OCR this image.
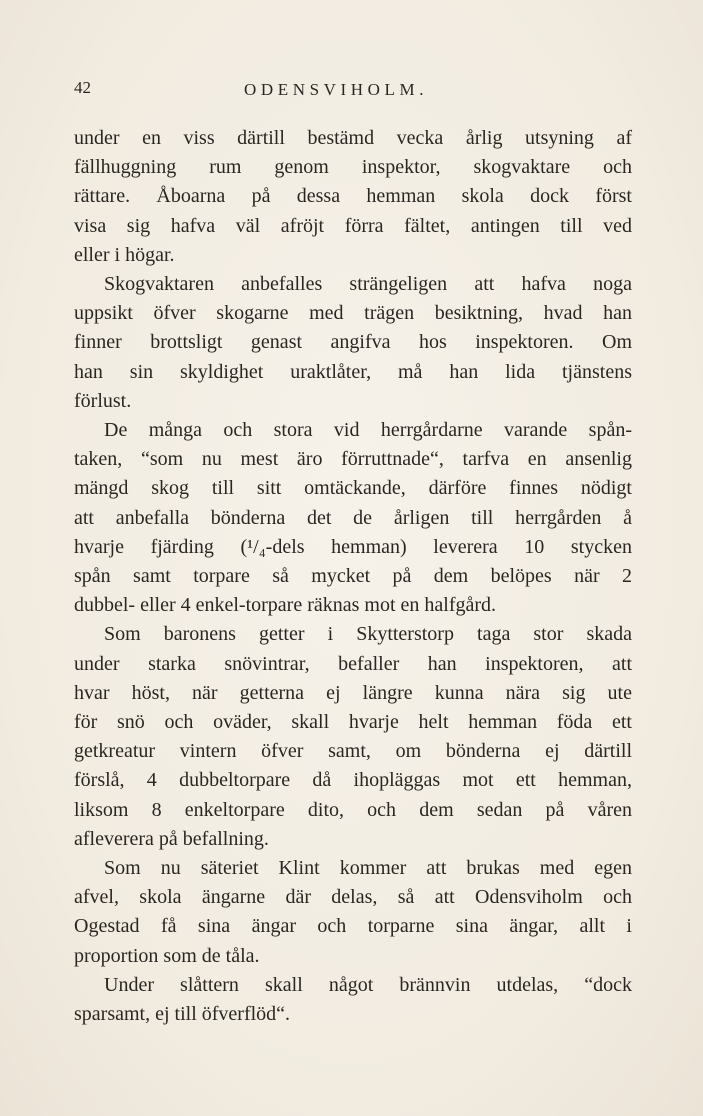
42	ODENSVIHOLM.

under en viss därtill bestämd vecka årlig utsyning af
fällhuggning rum genom inspektor, skogvaktare och
rättare. Åboarna på dessa hemman skola dock först
visa sig hafva väl afröjt förra fältet, antingen till ved
eller i högar.

Skogvaktaren anbefalles strängeligen att hafva noga
uppsikt öfver skogarne med trägen besiktning, hvad han
finner brottsligt genast angifva hos inspektoren. Om
han sin skyldighet uraktlåter, må han lida tjänstens
förlust.

De många och stora vid herrgårdarne varande spån-
taken, “som nu mest äro förruttnade“, tarfva en ansenlig
mängd skog till sitt omtäckande, därföre finnes nödigt
att anbefalla bönderna det de årligen till herrgården å
hvarje fjärding (¹/₄-dels hemman) leverera 10 stycken
spån samt torpare så mycket på dem belöpes när 2
dubbel- eller 4 enkel-torpare räknas mot en halfgård.

Som baronens getter i Skytterstorp taga stor skada
under starka snövintrar, befaller han inspektoren, att
hvar höst, när getterna ej längre kunna nära sig ute
för snö och oväder, skall hvarje helt hemman föda ett
getkreatur vintern öfver samt, om bönderna ej därtill
förslå, 4 dubbeltorpare då ihopläggas mot ett hemman,
liksom 8 enkeltorpare dito, och dem sedan på våren
afleverera på befallning.

Som nu säteriet Klint kommer att brukas med egen
afvel, skola ängarne där delas, så att Odensviholm och
Ogestad få sina ängar och torparne sina ängar, allt i
proportion som de tåla.

Under slåttern skall något brännvin utdelas, “dock
sparsamt, ej till öfverflöd“.
